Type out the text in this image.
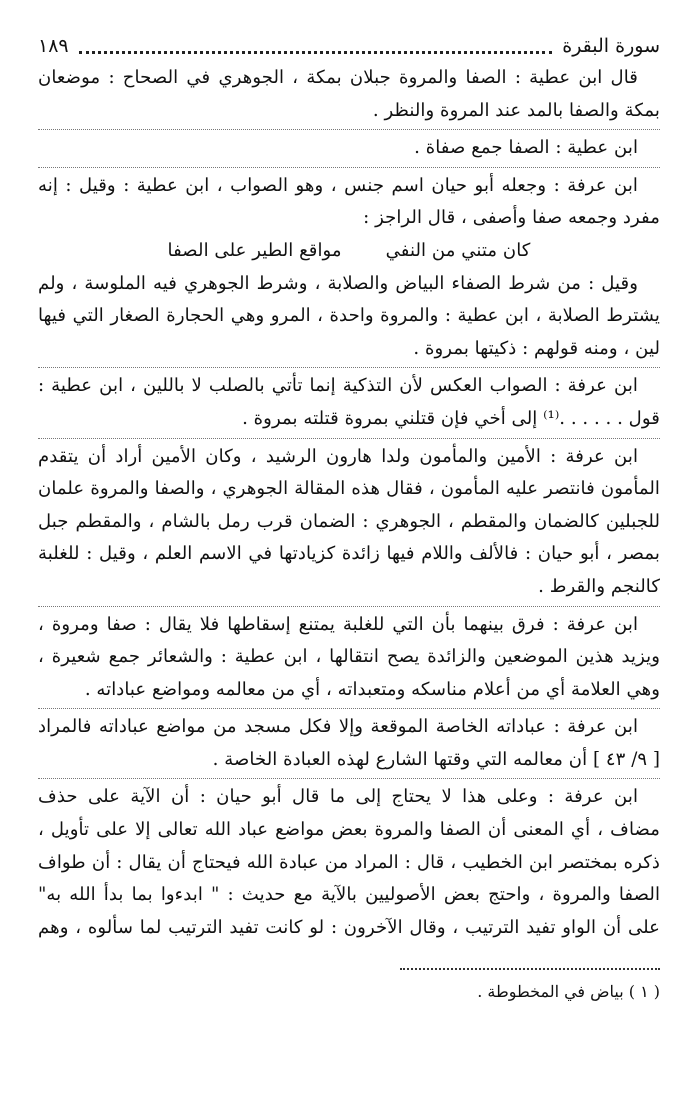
سورة البقرة
١٨٩
قال ابن عطية : الصفا والمروة جبلان بمكة ، الجوهري في الصحاح : موضعان
بمكة والصفا بالمد عند المروة والنظر .
ابن عطية : الصفا جمع صفاة .
ابن عرفة : وجعله أبو حيان اسم جنس ، وهو الصواب ، ابن عطية : وقيل : إنه
مفرد وجمعه صفا وأصفى ، قال الراجز :
كان متني من النفي
مواقع الطير على الصفا
وقيل : من شرط الصفاء البياض والصلابة ، وشرط الجوهري فيه الملوسة ، ولم
يشترط الصلابة ، ابن عطية : والمروة واحدة ، المرو وهي الحجارة الصغار التي فيها
لين ، ومنه قولهم : ذكيتها بمروة .
ابن عرفة : الصواب العكس لأن التذكية إنما تأتي بالصلب لا باللين ، ابن عطية :
قول . . . . . .⁽¹⁾ إلى أخي فإن قتلني بمروة قتلته بمروة .
ابن عرفة : الأمين والمأمون ولدا هارون الرشيد ، وكان الأمين أراد أن يتقدم
المأمون فانتصر عليه المأمون ، فقال هذه المقالة الجوهري ، والصفا والمروة علمان
للجبلين كالضمان والمقطم ، الجوهري : الضمان قرب رمل بالشام ، والمقطم جبل
بمصر ، أبو حيان : فالألف واللام فيها زائدة كزيادتها في الاسم العلم ، وقيل : للغلبة
كالنجم والقرط .
ابن عرفة : فرق بينهما بأن التي للغلبة يمتنع إسقاطها فلا يقال : صفا ومروة ،
ويزيد هذين الموضعين والزائدة يصح انتقالها ، ابن عطية : والشعائر جمع شعيرة ،
وهي العلامة أي من أعلام مناسكه ومتعبداته ، أي من معالمه ومواضع عباداته .
ابن عرفة : عباداته الخاصة الموقعة وإلا فكل مسجد من مواضع عباداته فالمراد
[ ٩/ ٤٣ ] أن معالمه التي وقتها الشارع لهذه العبادة الخاصة .
ابن عرفة : وعلى هذا لا يحتاج إلى ما قال أبو حيان : أن الآية على حذف
مضاف ، أي المعنى أن الصفا والمروة بعض مواضع عباد الله تعالى إلا على تأويل ،
ذكره بمختصر ابن الخطيب ، قال : المراد من عبادة الله فيحتاج أن يقال : أن طواف
الصفا والمروة ، واحتج بعض الأصوليين بالآية مع حديث : " ابدءوا بما بدأ الله به"
على أن الواو تفيد الترتيب ، وقال الآخرون : لو كانت تفيد الترتيب لما سألوه ، وهم
( ١ ) بياض في المخطوطة .
